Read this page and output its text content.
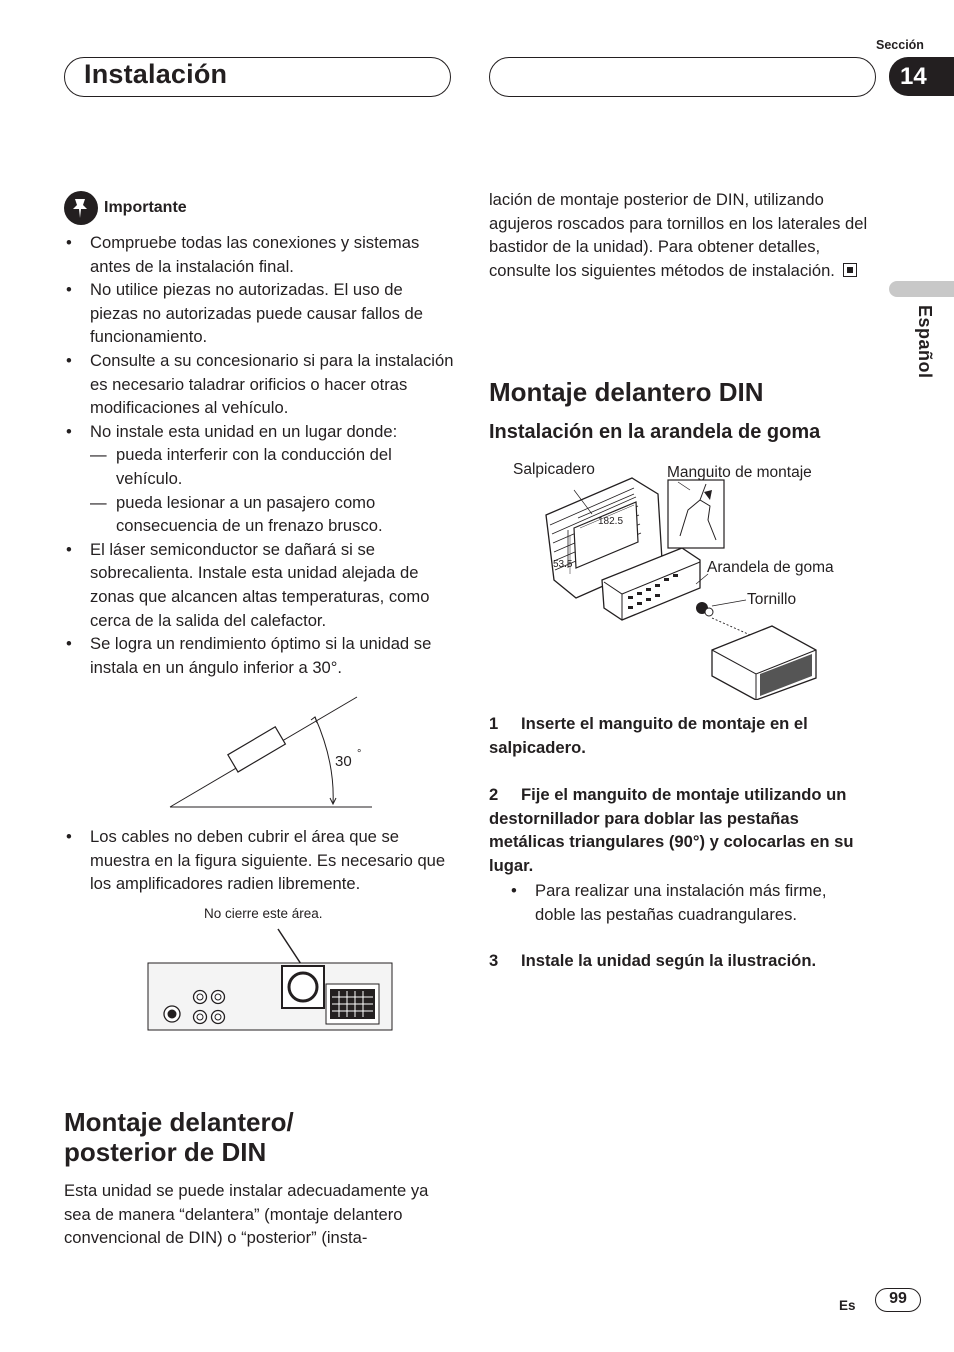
Instalación
Sección
14
Español
Importante
• Compruebe todas las conexiones y sistemas antes de la instalación final.
• No utilice piezas no autorizadas. El uso de piezas no autorizadas puede causar fallos de funcionamiento.
• Consulte a su concesionario si para la instalación es necesario taladrar orificios o hacer otras modificaciones al vehículo.
• No instale esta unidad en un lugar donde:
— pueda interferir con la conducción del vehículo.
— pueda lesionar a un pasajero como consecuencia de un frenazo brusco.
• El láser semiconductor se dañará si se sobrecalienta. Instale esta unidad alejada de zonas que alcancen altas temperaturas, como cerca de la salida del calefactor.
• Se logra un rendimiento óptimo si la unidad se instala en un ángulo inferior a 30°.
30 °
• Los cables no deben cubrir el área que se muestra en la figura siguiente. Es necesario que los amplificadores radien libremente.
No cierre este área.
Montaje delantero/
posterior de DIN
Esta unidad se puede instalar adecuadamente ya sea de manera “delantera” (montaje delantero convencional de DIN) o “posterior” (insta-
lación de montaje posterior de DIN, utilizando agujeros roscados para tornillos en los laterales del bastidor de la unidad). Para obtener detalles, consulte los siguientes métodos de instalación.
Montaje delantero DIN
Instalación en la arandela de goma
Salpicadero	Manguito de montaje
Arandela de goma
Tornillo
182.5
53.5
1 Inserte el manguito de montaje en el salpicadero.
2 Fije el manguito de montaje utilizando un destornillador para doblar las pestañas metálicas triangulares (90°) y colocarlas en su lugar.
• Para realizar una instalación más firme, doble las pestañas cuadrangulares.
3 Instale la unidad según la ilustración.
Es	99
